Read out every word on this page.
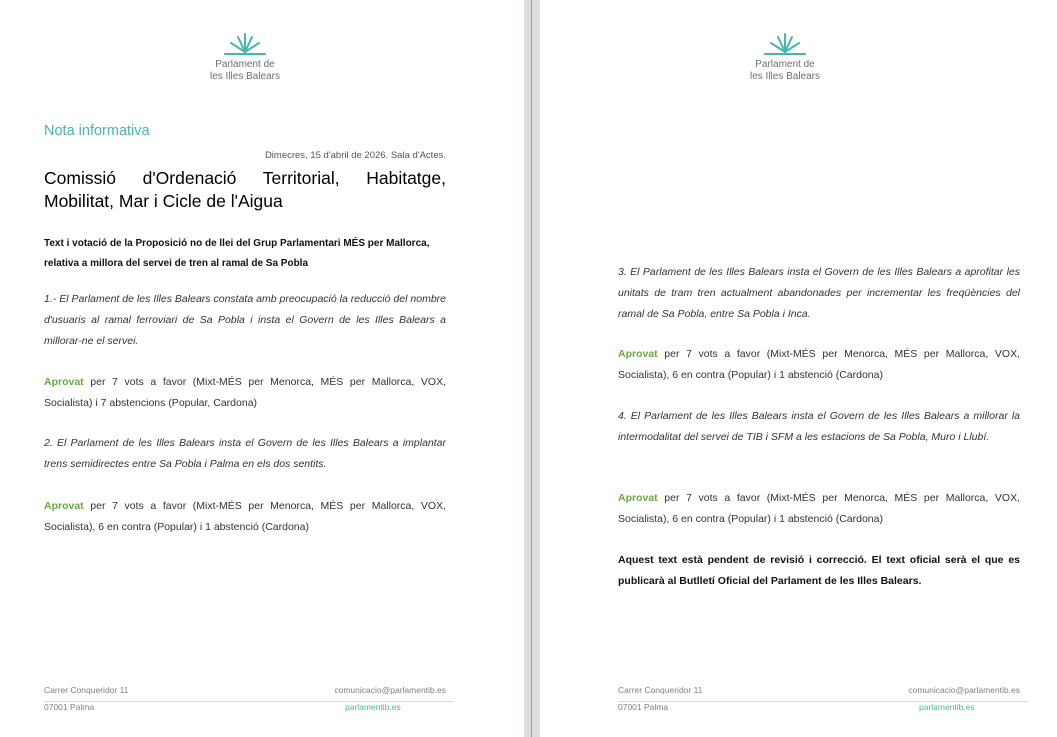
Parlament de
les Illes Balears
Nota informativa
Dimecres, 15 d'abril de 2026. Sala d'Actes.
Comissió d'Ordenació Territorial, Habitatge, Mobilitat, Mar i Cicle de l'Aigua
Text i votació de la Proposició no de llei del Grup Parlamentari MÉS per Mallorca, relativa a millora del servei de tren al ramal de Sa Pobla
1.- El Parlament de les Illes Balears constata amb preocupació la reducció del nombre d'usuaris al ramal ferroviari de Sa Pobla i insta el Govern de les Illes Balears a millorar-ne el servei.
Aprovat per 7 vots a favor (Mixt-MÉS per Menorca, MÉS per Mallorca, VOX, Socialista) i 7 abstencions (Popular, Cardona)
2. El Parlament de les Illes Balears insta el Govern de les Illes Balears a implantar trens semidirectes entre Sa Pobla i Palma en els dos sentits.
Aprovat per 7 vots a favor (Mixt-MÉS per Menorca, MÉS per Mallorca, VOX, Socialista), 6 en contra (Popular) i 1 abstenció (Cardona)
Carrer Conqueridor 11
07001 Palma
comunicacio@parlamentib.es
parlamentib.es
Parlament de
les Illes Balears
3. El Parlament de les Illes Balears insta el Govern de les Illes Balears a aprofitar les unitats de tram tren actualment abandonades per incrementar les freqüències del ramal de Sa Pobla, entre Sa Pobla i Inca.
Aprovat per 7 vots a favor (Mixt-MÉS per Menorca, MÉS per Mallorca, VOX, Socialista), 6 en contra (Popular) i 1 abstenció (Cardona)
4. El Parlament de les Illes Balears insta el Govern de les Illes Balears a millorar la intermodalitat del servei de TIB i SFM a les estacions de Sa Pobla, Muro i Llubí.
Aprovat per 7 vots a favor (Mixt-MÉS per Menorca, MÉS per Mallorca, VOX, Socialista), 6 en contra (Popular) i 1 abstenció (Cardona)
Aquest text està pendent de revisió i correcció. El text oficial serà el que es publicarà al Butlletí Oficial del Parlament de les Illes Balears.
Carrer Conqueridor 11
07001 Palma
comunicacio@parlamentib.es
parlamentib.es
